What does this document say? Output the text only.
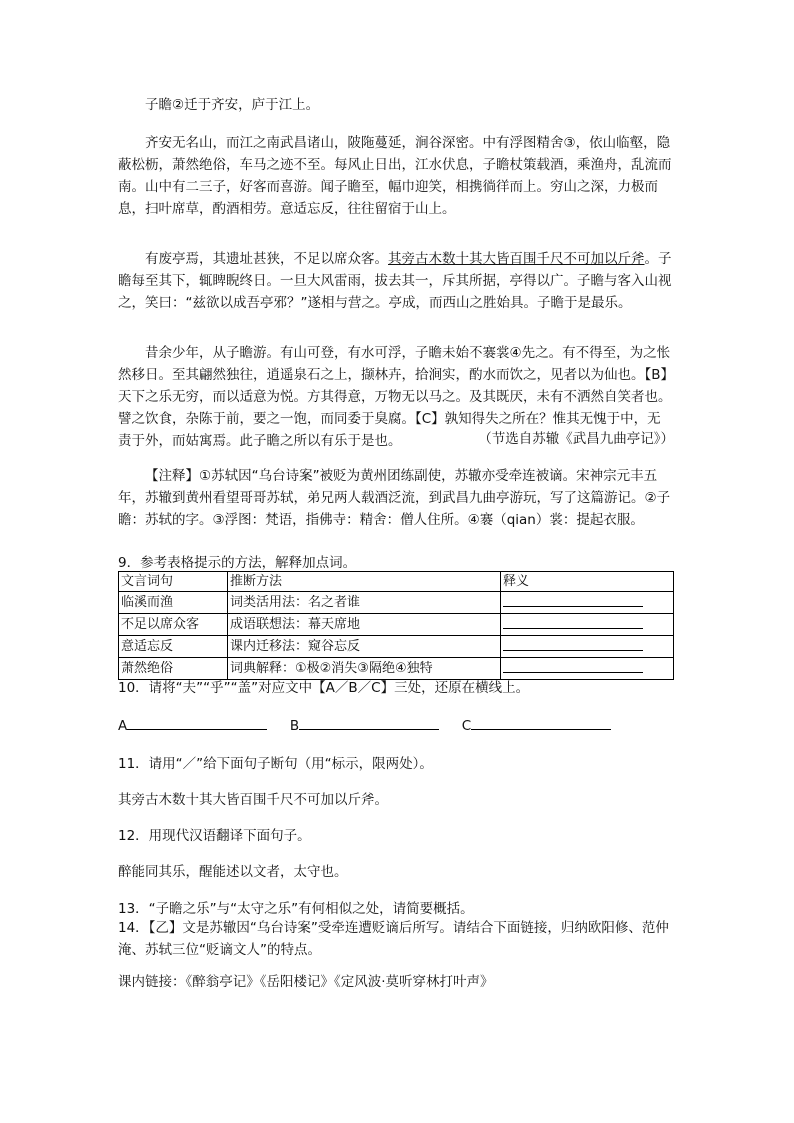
子瞻②迁于齐安，庐于江上。

齐安无名山，而江之南武昌诸山，陂陁蔓延，涧谷深密。中有浮图精舍③，依山临壑，隐蔽松枥，萧然绝俗，车马之迹不至。每风止日出，江水伏息，子瞻杖策载酒，乘渔舟，乱流而南。山中有二三子，好客而喜游。闻子瞻至，幅巾迎笑，相携徜徉而上。穷山之深，力极而息，扫叶席草，酌酒相劳。意适忘反，往往留宿于山上。

有废亭焉，其遗址甚狭，不足以席众客。其旁古木数十其大皆百围千尺不可加以斤斧。子瞻每至其下，辄睥睨终日。一旦大风雷雨，拔去其一，斥其所据，亭得以广。子瞻与客入山视之，笑曰：“兹欲以成吾亭邪？”遂相与营之。亭成，而西山之胜始具。子瞻于是最乐。

昔余少年，从子瞻游。有山可登，有水可浮，子瞻未始不褰裳④先之。有不得至，为之怅然移日。至其翩然独往，逍遥泉石之上，撷林卉，拾涧实，酌水而饮之，见者以为仙也。【B】天下之乐无穷，而以适意为悦。方其得意，万物无以马之。及其既厌，未有不洒然自笑者也。譬之饮食，杂陈于前，要之一饱，而同委于臭腐。【C】孰知得失之所在？惟其无愧于中，无责于外，而姑寓焉。此子瞻之所以有乐于是也。	（节选自苏辙《武昌九曲亭记》）

【注释】①苏轼因“乌台诗案”被贬为黄州团练副使，苏辙亦受牵连被谪。宋神宗元丰五年，苏辙到黄州看望哥哥苏轼，弟兄两人载酒泛流，到武昌九曲亭游玩，写了这篇游记。②子瞻：苏轼的字。③浮图：梵语，指佛寺：精舍：僧人住所。④褰（qian）裳：提起衣服。

9．参考表格提示的方法，解释加点词。

文言词句	推断方法	释义
临溪而渔	词类活用法：名之者谁	
不足以席众客	成语联想法：幕天席地	
意适忘反	课内迁移法：窥谷忘反	
萧然绝俗	词典解释：①极②消失③隔绝④独特	

10．请将“夫”“乎”“盖”对应文中【A／B／C】三处，还原在横线上。

A	B	C

11．请用“／”给下面句子断句（用“标示，限两处）。

其旁古木数十其大皆百围千尺不可加以斤斧。

12．用现代汉语翻译下面句子。

醉能同其乐，醒能述以文者，太守也。

13．“子瞻之乐”与“太守之乐”有何相似之处，请简要概括。

14．【乙】文是苏辙因“乌台诗案”受牵连遭贬谪后所写。请结合下面链接，归纳欧阳修、范仲淹、苏轼三位“贬谪文人”的特点。

课内链接：《醉翁亭记》《岳阳楼记》《定风波·莫听穿林打叶声》
